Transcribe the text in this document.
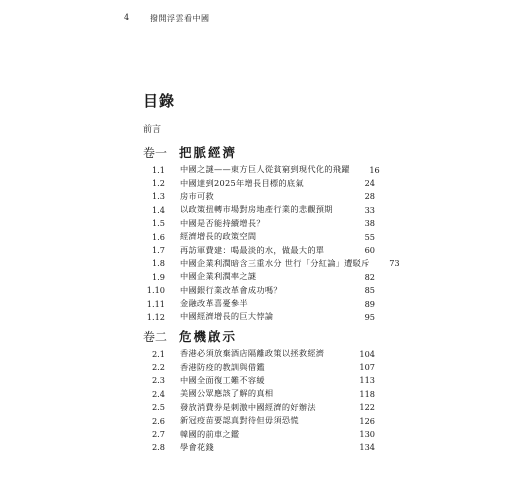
4	撥開浮雲看中國
目錄
前言
卷一 把脈經濟
1.1 中國之謎——東方巨人從貧窮到現代化的飛躍	16
1.2 中國達到2025年增長目標的底氣	24
1.3 房市可救	28
1.4 以政策扭轉市場對房地產行業的悲觀預期	33
1.5 中國是否能持續增長？	38
1.6 經濟增長的政策空間	55
1.7 再訪軍費建：喝最淡的水，做最大的單	60
1.8 中國企業利潤暗含三重水分 世行「分紅論」遭駁斥	73
1.9 中國企業利潤率之謎	82
1.10 中國銀行業改革會成功嗎？	85
1.11 金融改革喜憂參半	89
1.12 中國經濟增長的巨大悖論	95
卷二 危機啟示
2.1 香港必須放棄酒店隔離政策以拯救經濟	104
2.2 香港防疫的教訓與借鑑	107
2.3 中國全面復工難不容緩	113
2.4 美國公眾應該了解的真相	118
2.5 發放消費券是刺激中國經濟的好辦法	122
2.6 新冠疫苗要認真對待但毋須恐慌	126
2.7 韓國的前車之鑑	130
2.8 學會花錢	134
